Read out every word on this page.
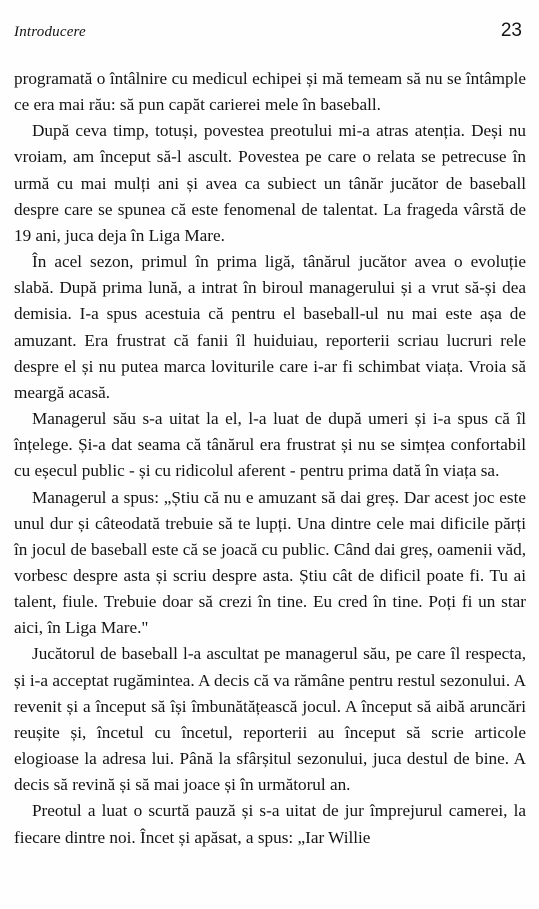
Introducere	23

programată o întâlnire cu medicul echipei și mă temeam să nu se întâmple ce era mai rău: să pun capăt carierei mele în baseball.

După ceva timp, totuși, povestea preotului mi-a atras atenția. Deși nu vroiam, am început să-l ascult. Povestea pe care o relata se petrecuse în urmă cu mai mulți ani și avea ca subiect un tânăr jucător de baseball despre care se spunea că este fenomenal de talentat. La frageda vârstă de 19 ani, juca deja în Liga Mare.

În acel sezon, primul în prima ligă, tânărul jucător avea o evoluție slabă. După prima lună, a intrat în biroul managerului și a vrut să-și dea demisia. I-a spus acestuia că pentru el baseball-ul nu mai este așa de amuzant. Era frustrat că fanii îl huiduiau, reporterii scriau lucruri rele despre el și nu putea marca loviturile care i-ar fi schimbat viața. Vroia să meargă acasă.

Managerul său s-a uitat la el, l-a luat de după umeri și i-a spus că îl înțelege. Și-a dat seama că tânărul era frustrat și nu se simțea confortabil cu eșecul public - și cu ridicolul aferent - pentru prima dată în viața sa.

Managerul a spus: „Știu că nu e amuzant să dai greș. Dar acest joc este unul dur și câteodată trebuie să te lupți. Una dintre cele mai dificile părți în jocul de baseball este că se joacă cu public. Când dai greș, oamenii văd, vorbesc despre asta și scriu despre asta. Știu cât de dificil poate fi. Tu ai talent, fiule. Trebuie doar să crezi în tine. Eu cred în tine. Poți fi un star aici, în Liga Mare."

Jucătorul de baseball l-a ascultat pe managerul său, pe care îl respecta, și i-a acceptat rugămintea. A decis că va rămâne pentru restul sezonului. A revenit și a început să își îmbunătățească jocul. A început să aibă aruncări reușite și, încetul cu încetul, reporterii au început să scrie articole elogioase la adresa lui. Până la sfârșitul sezonului, juca destul de bine. A decis să revină și să mai joace și în următorul an.

Preotul a luat o scurtă pauză și s-a uitat de jur împrejurul camerei, la fiecare dintre noi. Încet și apăsat, a spus: „Iar Willie
